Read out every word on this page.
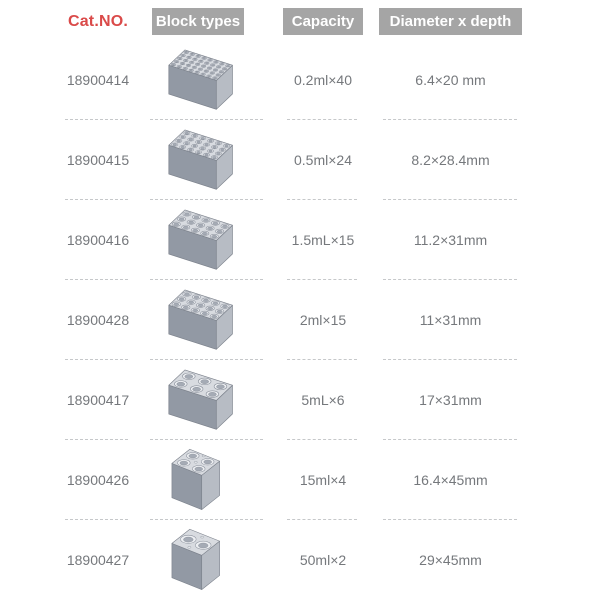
Cat.NO.	Block types	Capacity	Diameter x depth
18900414	0.2ml×40	6.4×20 mm
18900415	0.5ml×24	8.2×28.4mm
18900416	1.5mL×15	11.2×31mm
18900428	2ml×15	11×31mm
18900417	5mL×6	17×31mm
18900426	15ml×4	16.4×45mm
18900427	50ml×2	29×45mm
